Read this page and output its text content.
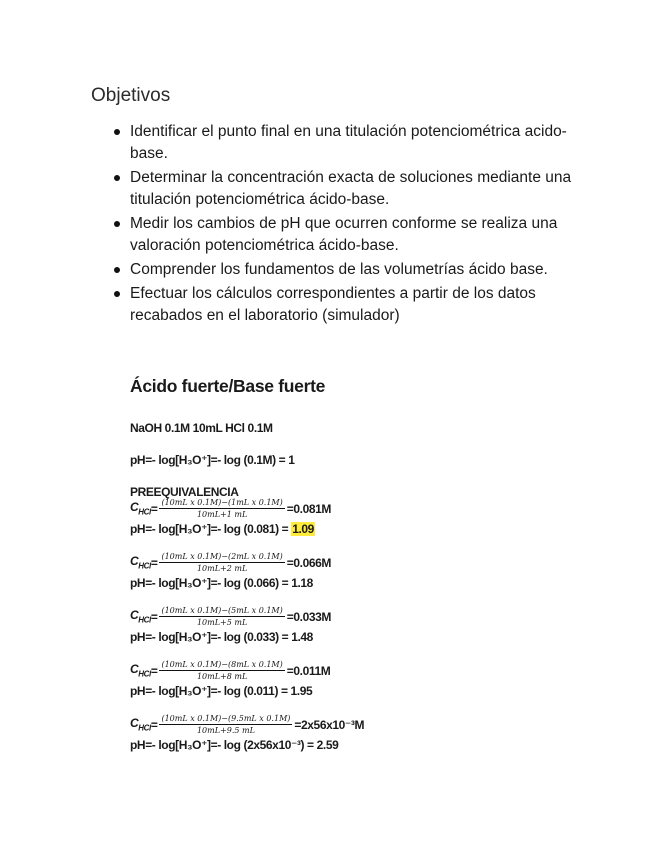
Objetivos
Identificar el punto final en una titulación potenciométrica acido-base.
Determinar la concentración exacta de soluciones mediante una titulación potenciométrica ácido-base.
Medir los cambios de pH que ocurren conforme se realiza una valoración potenciométrica ácido-base.
Comprender los fundamentos de las volumetrías ácido base.
Efectuar los cálculos correspondientes a partir de los datos recabados en el laboratorio (simulador)
Ácido fuerte/Base fuerte
NaOH 0.1M 10mL HCl 0.1M
pH=- log[H₃O⁺]=- log (0.1M) = 1
PREEQUIVALENCIA
$C_{HCl} = \frac{\text{(10mL x 0.1M)−(1mL x 0.1M)}}{10mL+1 mL} =0.081M$
pH=- log[H₃O⁺]=- log (0.081) = 1.09
$C_{HCl} = \frac{\text{(10mL x 0.1M)−(2mL x 0.1M)}}{10mL+2 mL} =0.066M$
pH=- log[H₃O⁺]=- log (0.066) = 1.18
$C_{HCl} = \frac{\text{(10mL x 0.1M)−(5mL x 0.1M)}}{10mL+5 mL} =0.033M$
pH=- log[H₃O⁺]=- log (0.033) = 1.48
$C_{HCl} = \frac{\text{(10mL x 0.1M)−(8mL x 0.1M)}}{10mL+8 mL} =0.011M$
pH=- log[H₃O⁺]=- log (0.011) = 1.95
$C_{HCl} = \frac{\text{(10mL x 0.1M)−(9.5mL x 0.1M)}}{10mL+9.5 mL} =2x56x10^{-3}M$
pH=- log[H₃O⁺]=- log (2x56x10⁻³) = 2.59
